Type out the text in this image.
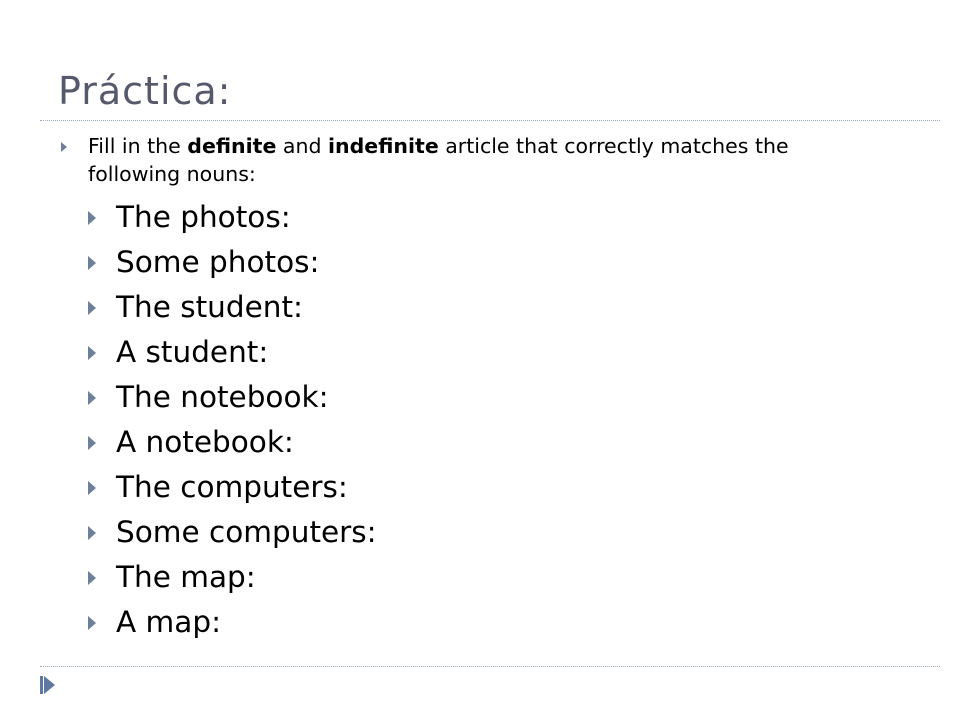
Práctica:

Fill in the definite and indefinite article that correctly matches the following nouns:

The photos:
Some photos:
The student:
A student:
The notebook:
A notebook:
The computers:
Some computers:
The map:
A map:
